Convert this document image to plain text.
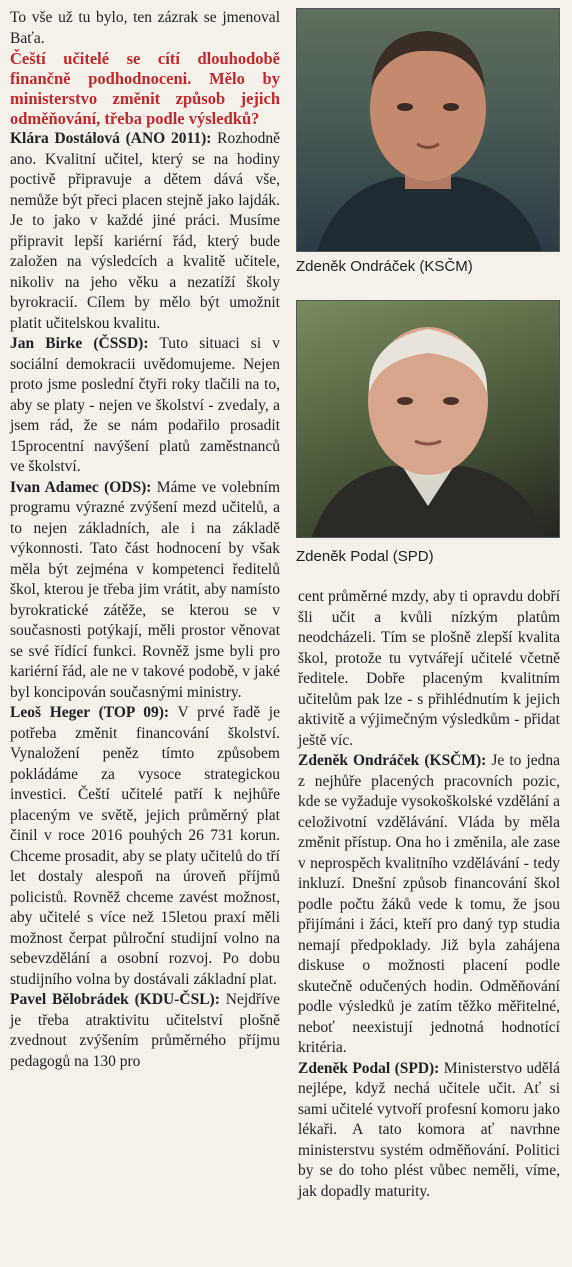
To vše už tu bylo, ten zázrak se jmenoval Baťa.

Čeští učitelé se cítí dlouhodobě finančně podhodnoceni. Mělo by ministerstvo změnit způsob jejich odměňování, třeba podle výsledků?

Klára Dostálová (ANO 2011): Rozhodně ano. Kvalitní učitel, který se na hodiny poctivě připravuje a dětem dává vše, nemůže být přeci placen stejně jako lajdák. Je to jako v každé jiné práci. Musíme připravit lepší kariérní řád, který bude založen na výsledcích a kvalitě učitele, nikoliv na jeho věku a nezatíží školy byrokracií. Cílem by mělo být umožnit platit učitelskou kvalitu.

Jan Birke (ČSSD): Tuto situaci si v sociální demokracii uvědomujeme. Nejen proto jsme poslední čtyři roky tlačili na to, aby se platy - nejen ve školství - zvedaly, a jsem rád, že se nám podařilo prosadit 15procentní navýšení platů zaměstnanců ve školství.

Ivan Adamec (ODS): Máme ve volebním programu výrazné zvýšení mezd učitelů, a to nejen základních, ale i na základě výkonnosti. Tato část hodnocení by však měla být zejména v kompetenci ředitelů škol, kterou je třeba jim vrátit, aby namísto byrokratické zátěže, se kterou se v současnosti potýkají, měli prostor věnovat se své řídící funkci. Rovněž jsme byli pro kariérní řád, ale ne v takové podobě, v jaké byl koncipován současnými ministry.

Leoš Heger (TOP 09): V prvé řadě je potřeba změnit financování školství. Vynaložení peněz tímto způsobem pokládáme za vysoce strategickou investici. Čeští učitelé patří k nejhůře placeným ve světě, jejich průměrný plat činil v roce 2016 pouhých 26 731 korun. Chceme prosadit, aby se platy učitelů do tří let dostaly alespoň na úroveň příjmů policistů. Rovněž chceme zavést možnost, aby učitelé s více než 15letou praxí měli možnost čerpat půlroční studijní volno na sebevzdělání a osobní rozvoj. Po dobu studijního volna by dostávali základní plat.

Pavel Bělobrádek (KDU-ČSL): Nejdříve je třeba atraktivitu učitelství plošně zvednout zvýšením průměrného příjmu pedagogů na 130 pro

Zdeněk Ondráček (KSČM)
Zdeněk Podal (SPD)

cent průměrné mzdy, aby ti opravdu dobří šli učit a kvůli nízkým platům neodcházeli. Tím se plošně zlepší kvalita škol, protože tu vytvářejí učitelé včetně ředitele. Dobře placeným kvalitním učitelům pak lze - s přihlédnutím k jejich aktivitě a výjimečným výsledkům - přidat ještě víc.

Zdeněk Ondráček (KSČM): Je to jedna z nejhůře placených pracovních pozic, kde se vyžaduje vysokoškolské vzdělání a celoživotní vzdělávání. Vláda by měla změnit přístup. Ona ho i změnila, ale zase v neprospěch kvalitního vzdělávání - tedy inkluzí. Dnešní způsob financování škol podle počtu žáků vede k tomu, že jsou přijímáni i žáci, kteří pro daný typ studia nemají předpoklady. Již byla zahájena diskuse o možnosti placení podle skutečně odučených hodin. Odměňování podle výsledků je zatím těžko měřitelné, neboť neexistují jednotná hodnotící kritéria.

Zdeněk Podal (SPD): Ministerstvo udělá nejlépe, když nechá učitele učit. Ať si sami učitelé vytvoří profesní komoru jako lékaři. A tato komora ať navrhne ministerstvu systém odměňování. Politici by se do toho plést vůbec neměli, víme, jak dopadly maturity.
